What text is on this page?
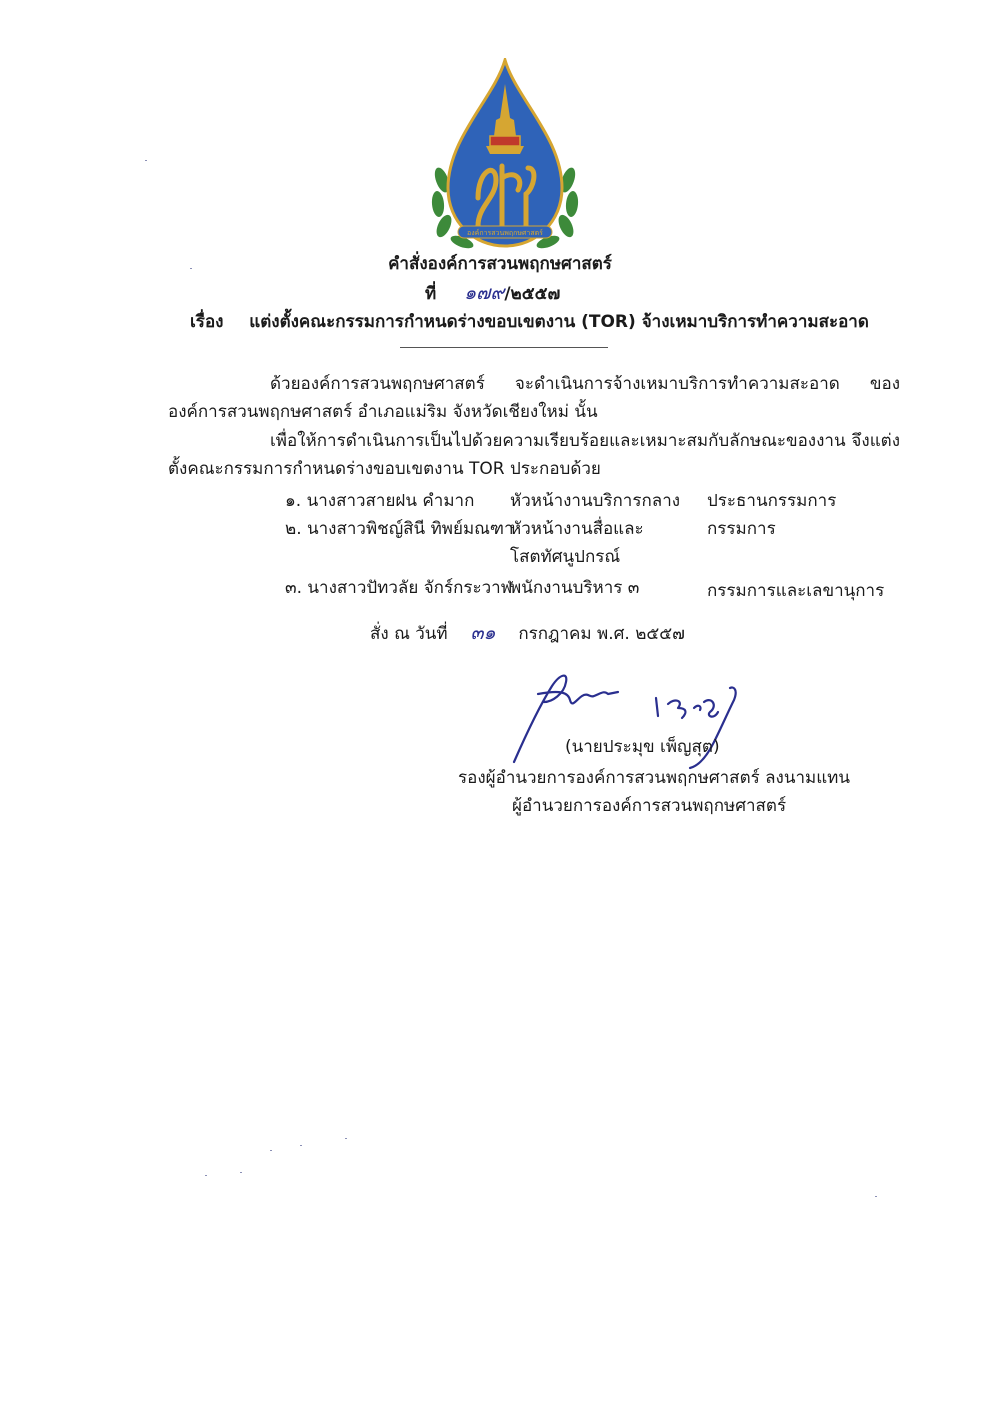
องค์การสวนพฤกษศาสตร์
คำสั่งองค์การสวนพฤกษศาสตร์
ที่ ๑๗๙/๒๕๕๗
เรื่อง แต่งตั้งคณะกรรมการกำหนดร่างขอบเขตงาน (TOR) จ้างเหมาบริการทำความสะอาด
ด้วยองค์การสวนพฤกษศาสตร์ จะดำเนินการจ้างเหมาบริการทำความสะอาด ขององค์การสวนพฤกษศาสตร์ อำเภอแม่ริม จังหวัดเชียงใหม่ นั้น
เพื่อให้การดำเนินการเป็นไปด้วยความเรียบร้อยและเหมาะสมกับลักษณะของงาน จึงแต่งตั้งคณะกรรมการกำหนดร่างขอบเขตงาน TOR ประกอบด้วย
๑. นางสาวสายฝน คำมาก หัวหน้างานบริการกลาง ประธานกรรมการ
๒. นางสาวพิชญ์สินี ทิพย์มณฑา
หัวหน้างานสื่อและ
โสตทัศนูปกรณ์
กรรมการ
๓. นางสาวปัทวลัย จักร์กระวาฬ
พนักงานบริหาร ๓	กรรมการและเลขานุการ
สั่ง ณ วันที่ ๓๑ กรกฎาคม พ.ศ. ๒๕๕๗
(นายประมุข เพ็ญสุต)
รองผู้อำนวยการองค์การสวนพฤกษศาสตร์ ลงนามแทน
ผู้อำนวยการองค์การสวนพฤกษศาสตร์
